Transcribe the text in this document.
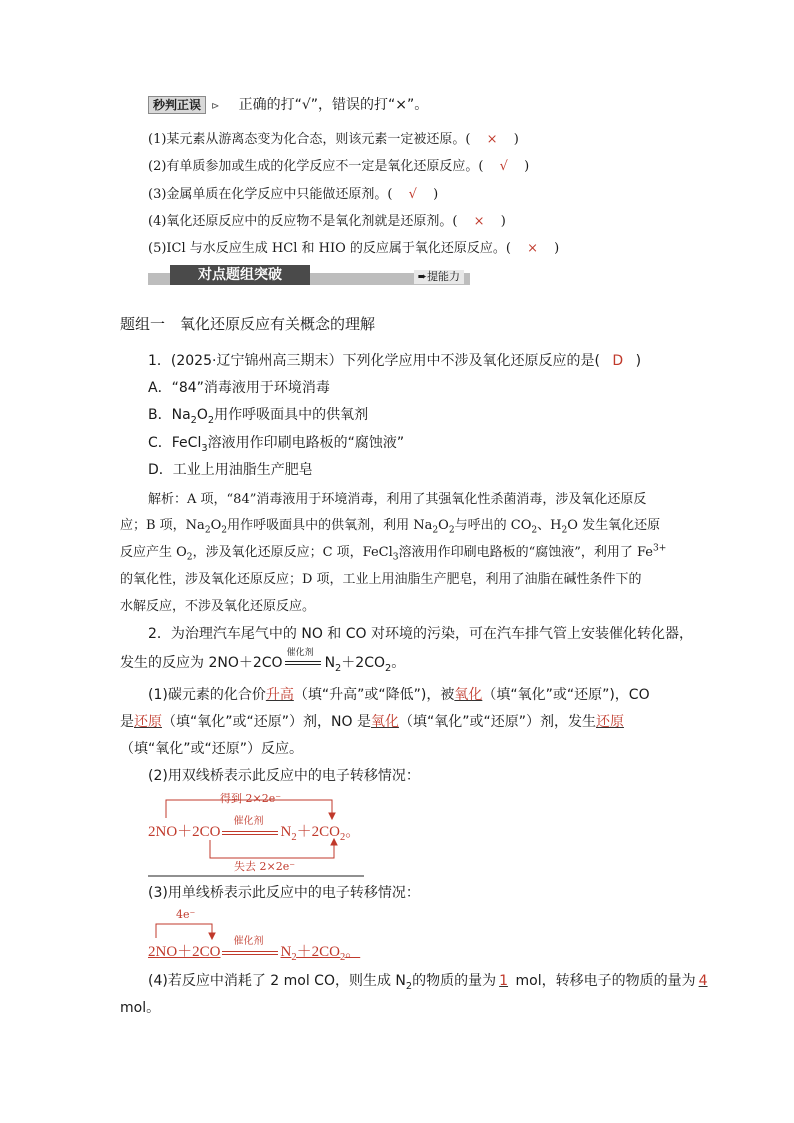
秒判正误 ⊳ 正确的打“√”，错误的打“×”。
(1)某元素从游离态变为化合态，则该元素一定被还原。( × )
(2)有单质参加或生成的化学反应不一定是氧化还原反应。( √ )
(3)金属单质在化学反应中只能做还原剂。( √ )
(4)氧化还原反应中的反应物不是氧化剂就是还原剂。( × )
(5)ICl 与水反应生成 HCl 和 HIO 的反应属于氧化还原反应。( × )
对点题组突破	➨提能力
题组一　氧化还原反应有关概念的理解
1．(2025·辽宁锦州高三期末）下列化学应用中不涉及氧化还原反应的是( D )
A．“84”消毒液用于环境消毒
B．$Na_2O_2$用作呼吸面具中的供氧剂
C．FeCl$_3$溶液用作印刷电路板的“腐蚀液”
D．工业上用油脂生产肥皂
解析：A 项，“84”消毒液用于环境消毒，利用了其强氧化性杀菌消毒，涉及氧化还原反
应；B 项，$Na_2O_2$用作呼吸面具中的供氧剂，利用 $Na_2O_2$与呼出的 $CO_2$、$H_2O$ 发生氧化还原
反应产生 $O_2$，涉及氧化还原反应；C 项，FeCl$_3$溶液用作印刷电路板的“腐蚀液”，利用了 $Fe^{3+}$
的氧化性，涉及氧化还原反应；D 项，工业上用油脂生产肥皂，利用了油脂在碱性条件下的
水解反应，不涉及氧化还原反应。
2．为治理汽车尾气中的 NO 和 CO 对环境的污染，可在汽车排气管上安装催化转化器，
发生的反应为 2NO＋2CO
催化剂
$N_2+2CO_2$。
(1)碳元素的化合价升高（填“升高”或“降低”)，被氧化（填“氧化”或“还原”)，CO
是还原（填“氧化”或“还原”）剂，NO 是氧化（填“氧化”或“还原”）剂，发生还原
（填“氧化”或“还原”）反应。
(2)用双线桥表示此反应中的电子转移情况：
得到 2×2e⁻
2NO＋2CO
催化剂
$N_2+2CO_2$。
失去 2×2e⁻
(3)用单线桥表示此反应中的电子转移情况：
4e⁻
2NO＋2CO
催化剂
$N_2+2CO_2$。
(4)若反应中消耗了 2 mol CO，则生成 $N_2$的物质的量为 1 mol，转移电子的物质的量为 4
mol。
